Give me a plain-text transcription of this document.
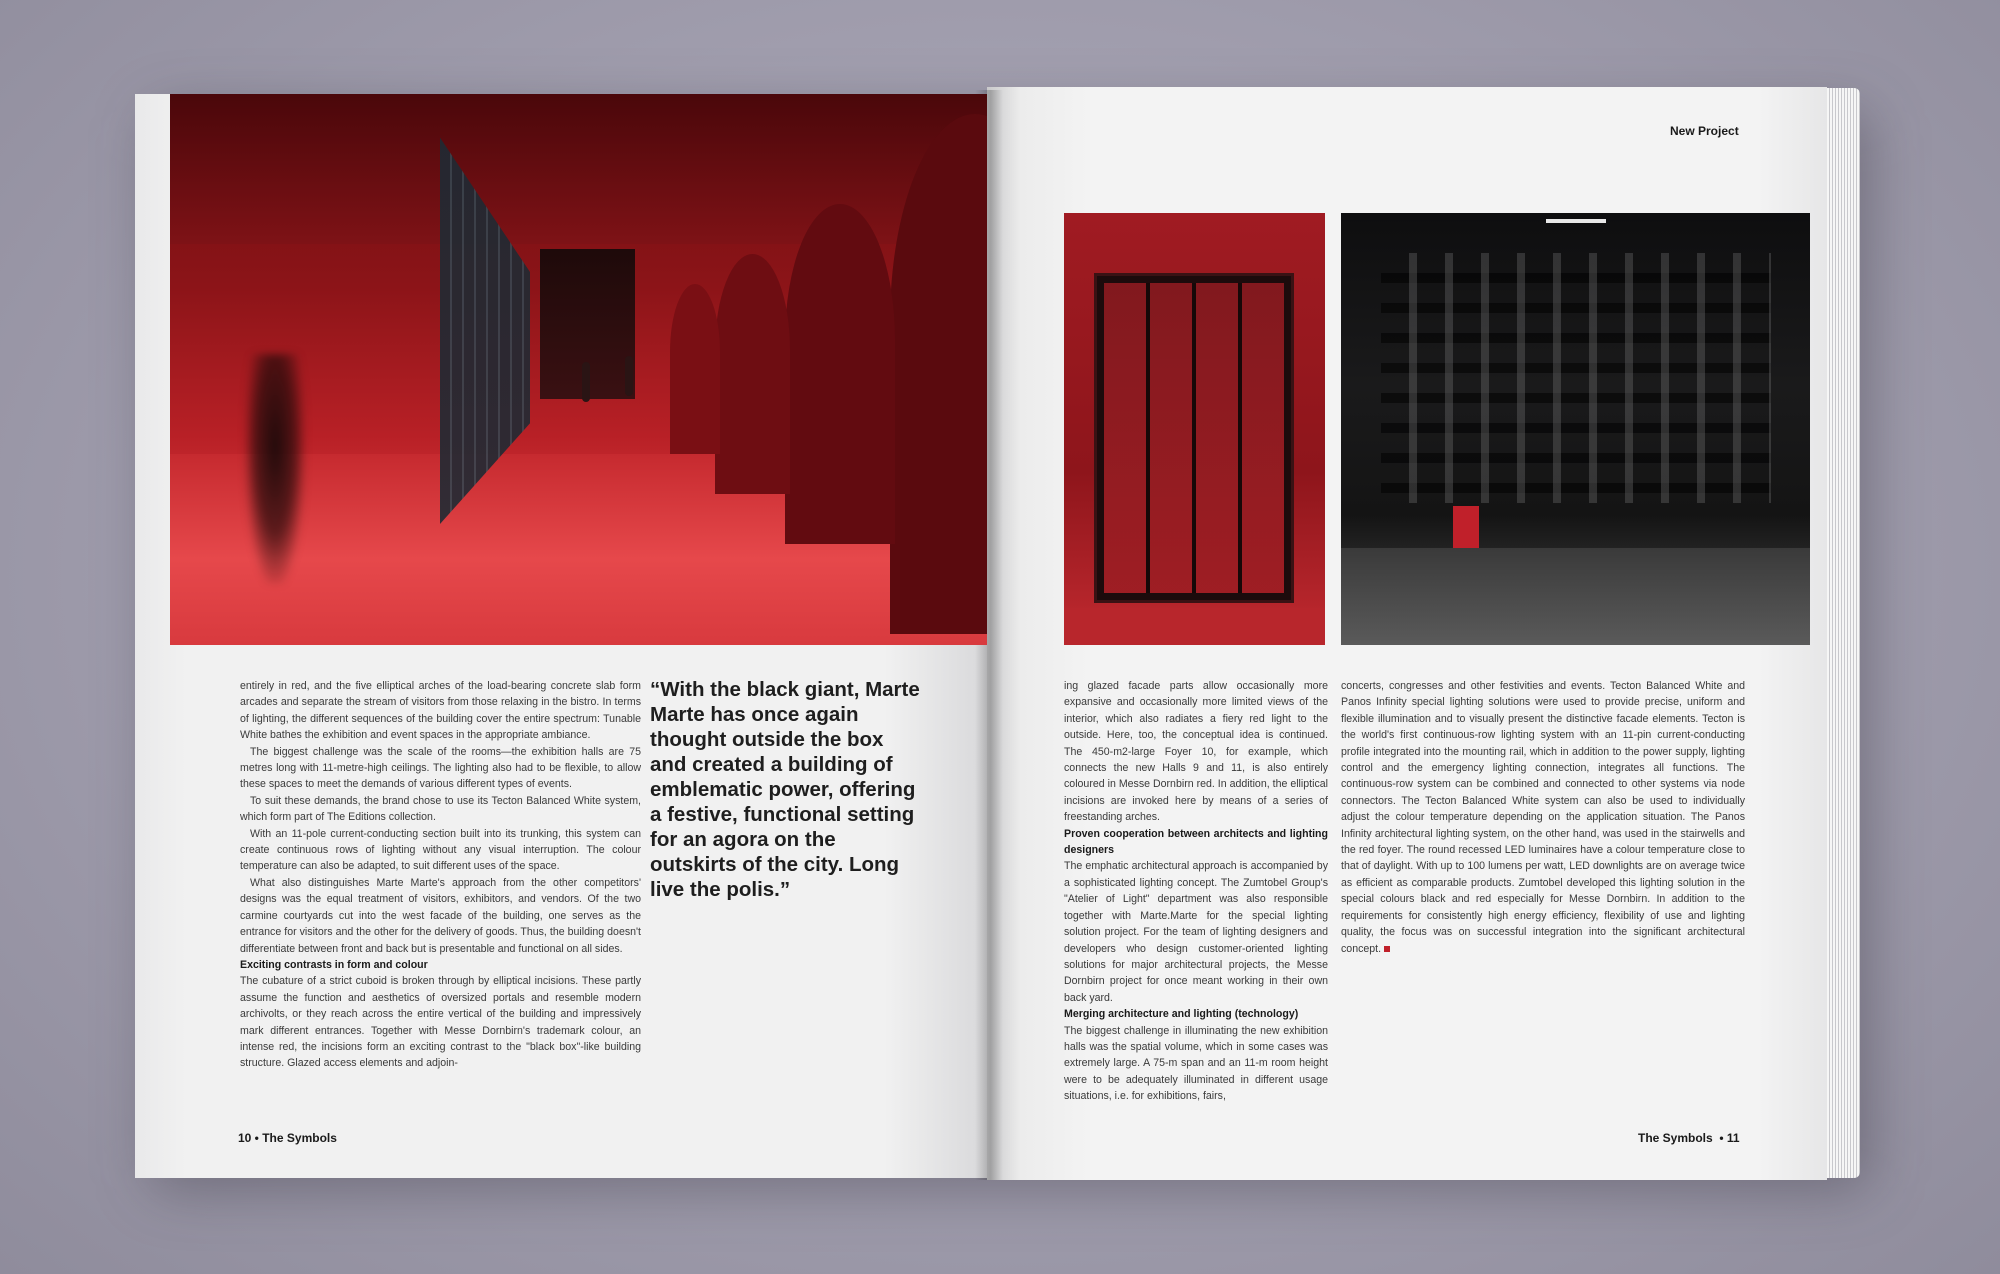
New Project

entirely in red, and the five elliptical arches of the load-bearing concrete slab form arcades and separate the stream of visitors from those relaxing in the bistro. In terms of lighting, the different sequences of the building cover the entire spectrum: Tunable White bathes the exhibition and event spaces in the appropriate ambiance.

The biggest challenge was the scale of the rooms—the exhibition halls are 75 metres long with 11-metre-high ceilings. The lighting also had to be flexible, to allow these spaces to meet the demands of various different types of events.

To suit these demands, the brand chose to use its Tecton Balanced White system, which form part of The Editions collection.

With an 11-pole current-conducting section built into its trunking, this system can create continuous rows of lighting without any visual interruption. The colour temperature can also be adapted, to suit different uses of the space.

What also distinguishes Marte Marte's approach from the other competitors' designs was the equal treatment of visitors, exhibitors, and vendors. Of the two carmine courtyards cut into the west facade of the building, one serves as the entrance for visitors and the other for the delivery of goods. Thus, the building doesn't differentiate between front and back but is presentable and functional on all sides.

Exciting contrasts in form and colour

The cubature of a strict cuboid is broken through by elliptical incisions. These partly assume the function and aesthetics of oversized portals and resemble modern archivolts, or they reach across the entire vertical of the building and impressively mark different entrances. Together with Messe Dornbirn's trademark colour, an intense red, the incisions form an exciting contrast to the "black box"-like building structure. Glazed access elements and adjoin-

“With the black giant, Marte Marte has once again thought outside the box and created a building of emblematic power, offering a festive, functional setting for an agora on the outskirts of the city. Long live the polis.”
10 • The Symbols

ing glazed facade parts allow occasionally more expansive and occasionally more limited views of the interior, which also radiates a fiery red light to the outside. Here, too, the conceptual idea is continued. The 450-m2-large Foyer 10, for example, which connects the new Halls 9 and 11, is also entirely coloured in Messe Dornbirn red. In addition, the elliptical incisions are invoked here by means of a series of freestanding arches.

Proven cooperation between architects and lighting designers

The emphatic architectural approach is accompanied by a sophisticated lighting concept. The Zumtobel Group's "Atelier of Light" department was also responsible together with Marte.Marte for the special lighting solution project. For the team of lighting designers and developers who design customer-oriented lighting solutions for major architectural projects, the Messe Dornbirn project for once meant working in their own back yard.

Merging architecture and lighting (technology)

The biggest challenge in illuminating the new exhibition halls was the spatial volume, which in some cases was extremely large. A 75-m span and an 11-m room height were to be adequately illuminated in different usage situations, i.e. for exhibitions, fairs,

concerts, congresses and other festivities and events. Tecton Balanced White and Panos Infinity special lighting solutions were used to provide precise, uniform and flexible illumination and to visually present the distinctive facade elements. Tecton is the world's first continuous-row lighting system with an 11-pin current-conducting profile integrated into the mounting rail, which in addition to the power supply, lighting control and the emergency lighting connection, integrates all functions. The continuous-row system can be combined and connected to other systems via node connectors. The Tecton Balanced White system can also be used to individually adjust the colour temperature depending on the application situation. The Panos Infinity architectural lighting system, on the other hand, was used in the stairwells and the red foyer. The round recessed LED luminaires have a colour temperature close to that of daylight. With up to 100 lumens per watt, LED downlights are on average twice as efficient as comparable products. Zumtobel developed this lighting solution in the special colours black and red especially for Messe Dornbirn. In addition to the requirements for consistently high energy efficiency, flexibility of use and lighting quality, the focus was on successful integration into the significant architectural concept.

The Symbols  • 11
